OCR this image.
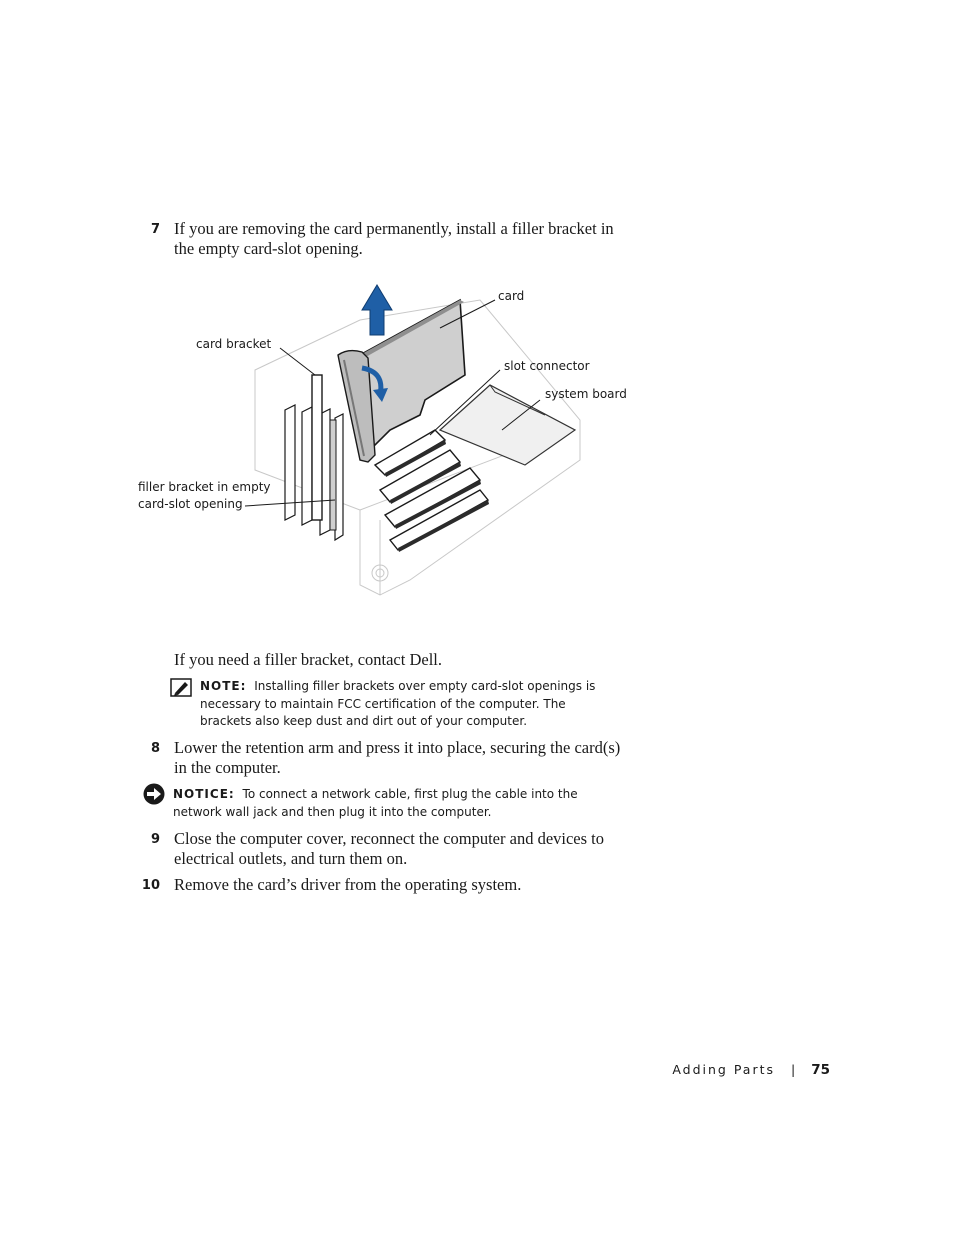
7 If you are removing the card permanently, install a filler bracket in the empty card-slot opening.
card
card bracket
slot connector
system board
filler bracket in empty
card-slot opening
If you need a filler bracket, contact Dell.
NOTE: Installing filler brackets over empty card-slot openings is necessary to maintain FCC certification of the computer. The brackets also keep dust and dirt out of your computer.
8 Lower the retention arm and press it into place, securing the card(s) in the computer.
NOTICE: To connect a network cable, first plug the cable into the network wall jack and then plug it into the computer.
9 Close the computer cover, reconnect the computer and devices to electrical outlets, and turn them on.
10 Remove the card’s driver from the operating system.
Adding Parts | 75
